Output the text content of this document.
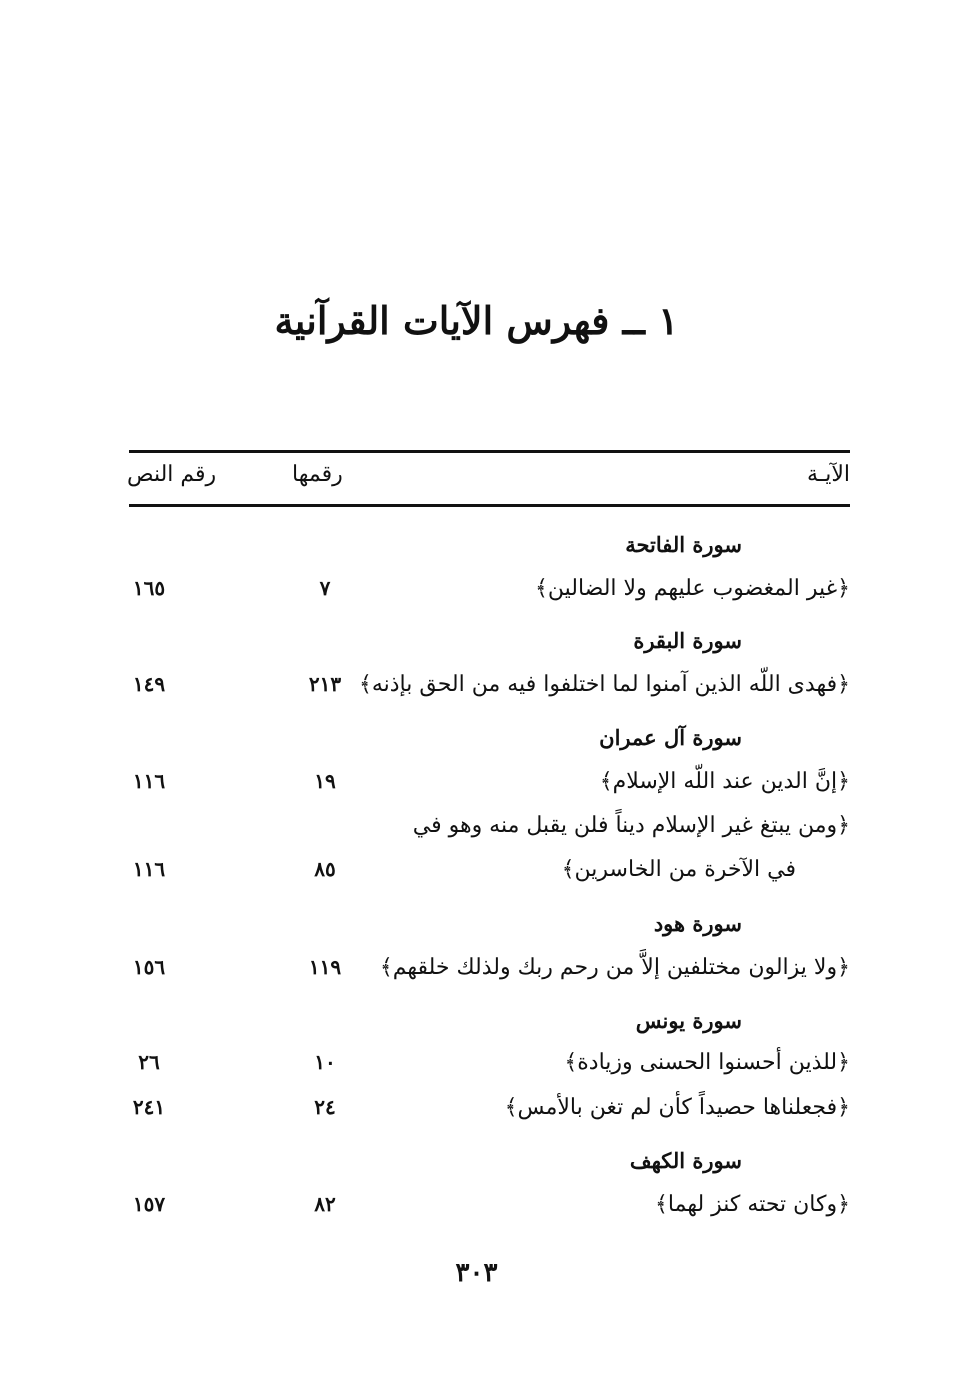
١ ــ فهرس الآيات القرآنية
الآيـة
رقمها
رقم النص
سورة الفاتحة
﴿غير المغضوب عليهم ولا الضالين﴾
٧
١٦٥
سورة البقرة
﴿فهدى اللّه الذين آمنوا لما اختلفوا فيه من الحق بإذنه﴾
٢١٣
١٤٩
سورة آل عمران
﴿إنَّ الدين عند اللّه الإسلام﴾
١٩
١١٦
﴿ومن يبتغ غير الإسلام ديناً فلن يقبل منه وهو في
في الآخرة من الخاسرين﴾
٨٥
١١٦
سورة هود
﴿ولا يزالون مختلفين إلاَّ من رحم ربك ولذلك خلقهم﴾
١١٩
١٥٦
سورة يونس
﴿للذين أحسنوا الحسنى وزيادة﴾
١٠
٢٦
﴿فجعلناها حصيداً كأن لم تغن بالأمس﴾
٢٤
٢٤١
سورة الكهف
﴿وكان تحته كنز لهما﴾
٨٢
١٥٧
٣٠٣
